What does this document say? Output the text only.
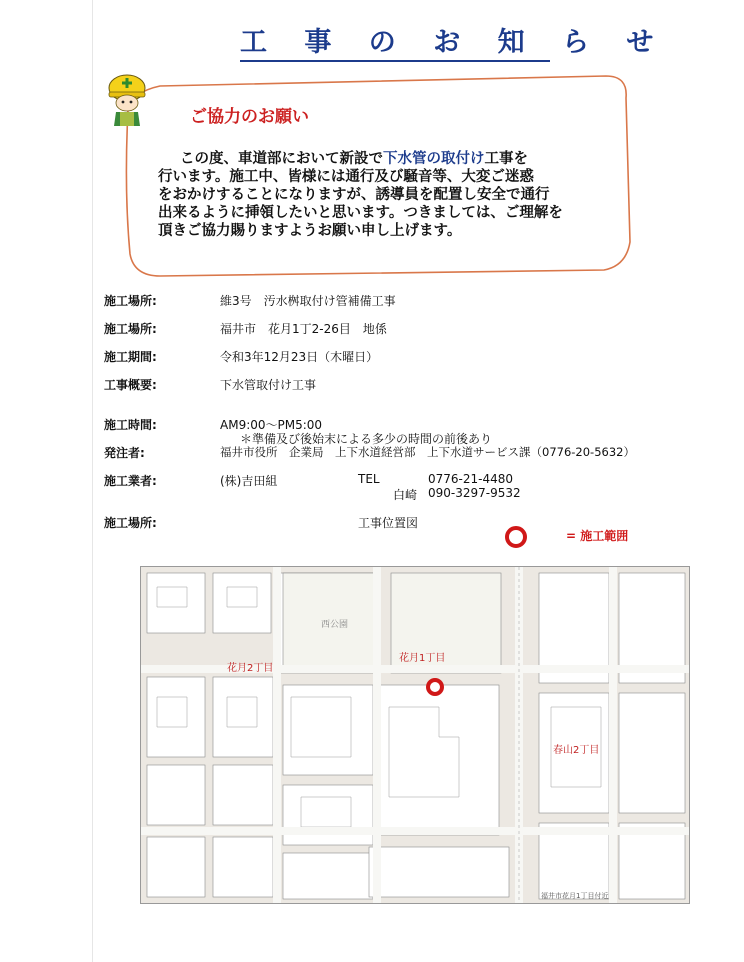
工 事 の お 知 ら せ
ご協力のお願い

この度、車道部において新設で下水管の取付け工事を

行います。施工中、皆様には通行及び騒音等、大変ご迷惑

をおかけすることになりますが、誘導員を配置し安全で通行

出来るように挿領したいと思います。つきましては、ご理解を

頂きご協力賜りますようお願い申し上げます。

施工場所:	維3号　汚水桝取付け管補備工事
施工場所:	福井市　花月1丁2-26目　地係
施工期間:	令和3年12月23日（木曜日）
工事概要:	下水管取付け工事
施工時間:	AM9:00～PM5:00
＊準備及び後始末による多少の時間の前後あり
発注者:	福井市役所　企業局　上下水道経営部　上下水道サービス課（0776-20-5632）
施工業者:	(株)吉田組	TEL	0776-21-4480
白崎 090-3297-9532
施工場所:	工事位置図
= 施工範囲
西公園
花月1丁目
花月2丁目
春山2丁目
福井市花月1丁目付近
